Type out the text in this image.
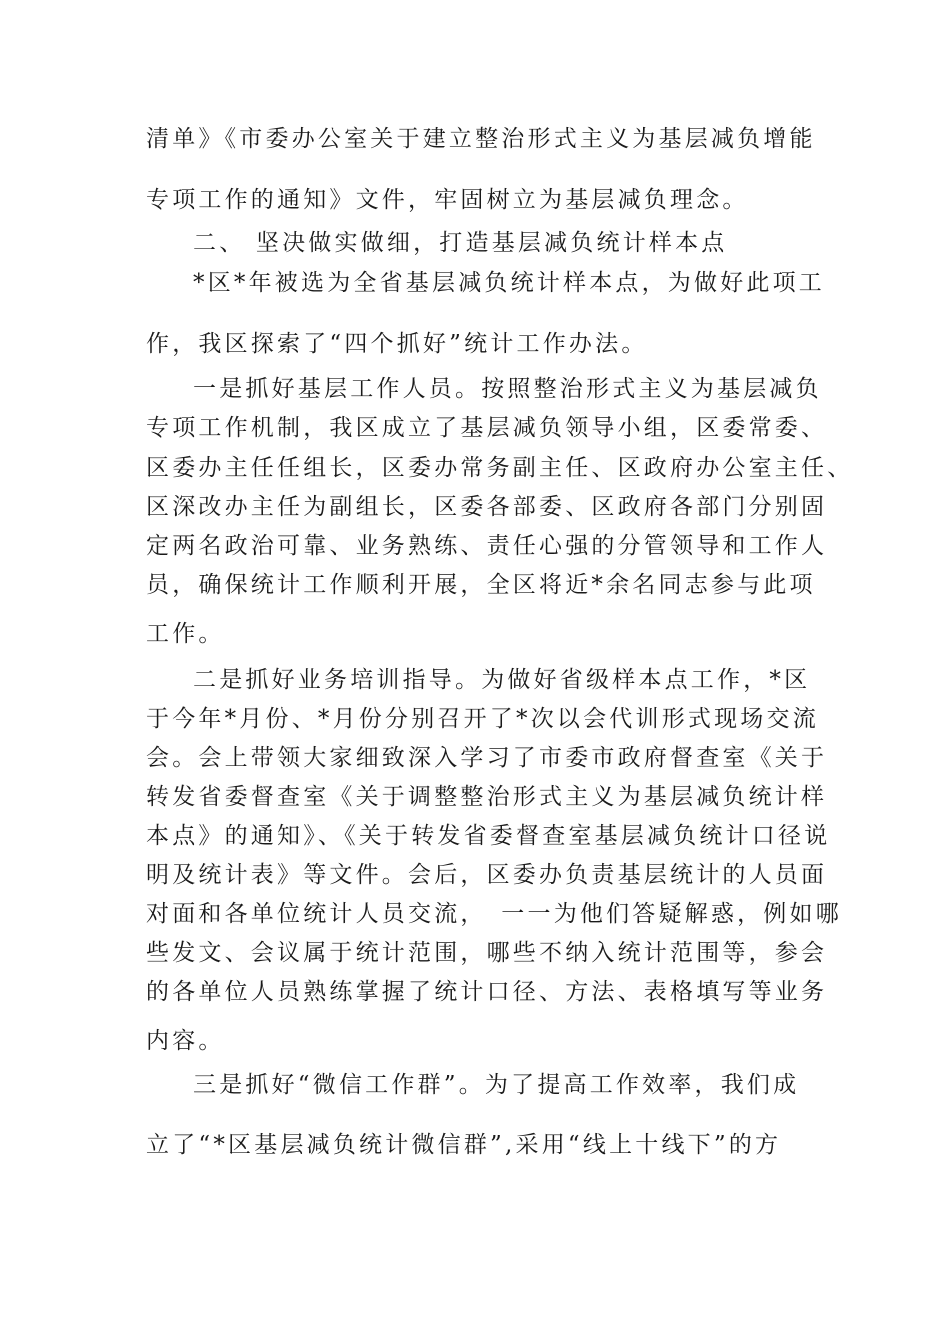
清单》《市委办公室关于建立整治形式主义为基层减负增能
专项工作的通知》文件，牢固树立为基层减负理念。
二、 坚决做实做细，打造基层减负统计样本点
*区*年被选为全省基层减负统计样本点，为做好此项工
作，我区探索了“四个抓好”统计工作办法。
一是抓好基层工作人员。按照整治形式主义为基层减负
专项工作机制，我区成立了基层减负领导小组，区委常委、
区委办主任任组长，区委办常务副主任、区政府办公室主任、
区深改办主任为副组长，区委各部委、区政府各部门分别固
定两名政治可靠、业务熟练、责任心强的分管领导和工作人
员，确保统计工作顺利开展，全区将近*余名同志参与此项
工作。
二是抓好业务培训指导。为做好省级样本点工作，*区
于今年*月份、*月份分别召开了*次以会代训形式现场交流
会。会上带领大家细致深入学习了市委市政府督查室《关于
转发省委督查室《关于调整整治形式主义为基层减负统计样
本点》的通知》、《关于转发省委督查室基层减负统计口径说
明及统计表》等文件。会后，区委办负责基层统计的人员面
对面和各单位统计人员交流，　一一为他们答疑解惑，例如哪
些发文、会议属于统计范围，哪些不纳入统计范围等，参会
的各单位人员熟练掌握了统计口径、方法、表格填写等业务
内容。
三是抓好“微信工作群”。为了提高工作效率，我们成
立了“*区基层减负统计微信群”,采用“线上十线下”的方
